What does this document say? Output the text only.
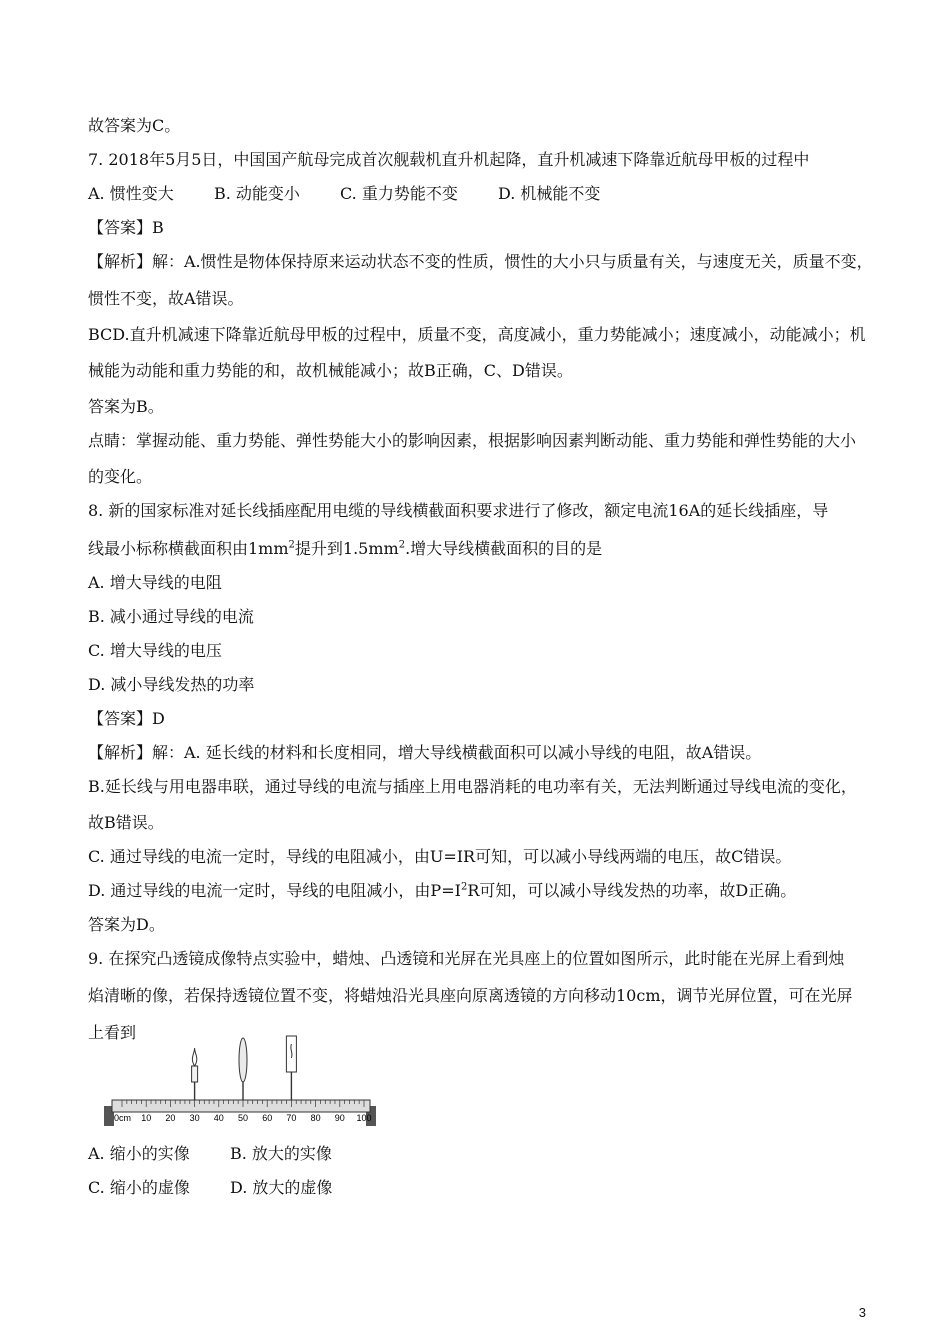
故答案为C。
7. 2018年5月5日，中国国产航母完成首次舰载机直升机起降，直升机减速下降靠近航母甲板的过程中
A. 惯性变大	B. 动能变小	C. 重力势能不变	D. 机械能不变
【答案】B
【解析】解：A.惯性是物体保持原来运动状态不变的性质，惯性的大小只与质量有关，与速度无关，质量不变，
惯性不变，故A错误。
BCD.直升机减速下降靠近航母甲板的过程中，质量不变，高度减小，重力势能减小；速度减小，动能减小；机
械能为动能和重力势能的和，故机械能减小；故B正确，C、D错误。
答案为B。
点睛：掌握动能、重力势能、弹性势能大小的影响因素，根据影响因素判断动能、重力势能和弹性势能的大小
的变化。
8. 新的国家标准对延长线插座配用电缆的导线横截面积要求进行了修改，额定电流16A的延长线插座，导
线最小标称横截面积由$1mm^2$提升到$1.5mm^2$.增大导线横截面积的目的是
A. 增大导线的电阻
B. 减小通过导线的电流
C. 增大导线的电压
D. 减小导线发热的功率
【答案】D
【解析】解：A. 延长线的材料和长度相同，增大导线横截面积可以减小导线的电阻，故A错误。
B.延长线与用电器串联，通过导线的电流与插座上用电器消耗的电功率有关，无法判断通过导线电流的变化，
故B错误。
C. 通过导线的电流一定时，导线的电阻减小，由U=IR可知，可以减小导线两端的电压，故C错误。
D. 通过导线的电流一定时，导线的电阻减小，由$P=I^2R$可知，可以减小导线发热的功率，故D正确。
答案为D。
9. 在探究凸透镜成像特点实验中，蜡烛、凸透镜和光屏在光具座上的位置如图所示，此时能在光屏上看到烛
焰清晰的像，若保持透镜位置不变，将蜡烛沿光具座向原离透镜的方向移动10cm，调节光屏位置，可在光屏
上看到
0cm 10 20 30 40 50 60 70 80 90 100
A. 缩小的实像	B. 放大的实像
C. 缩小的虚像	D. 放大的虚像
3
